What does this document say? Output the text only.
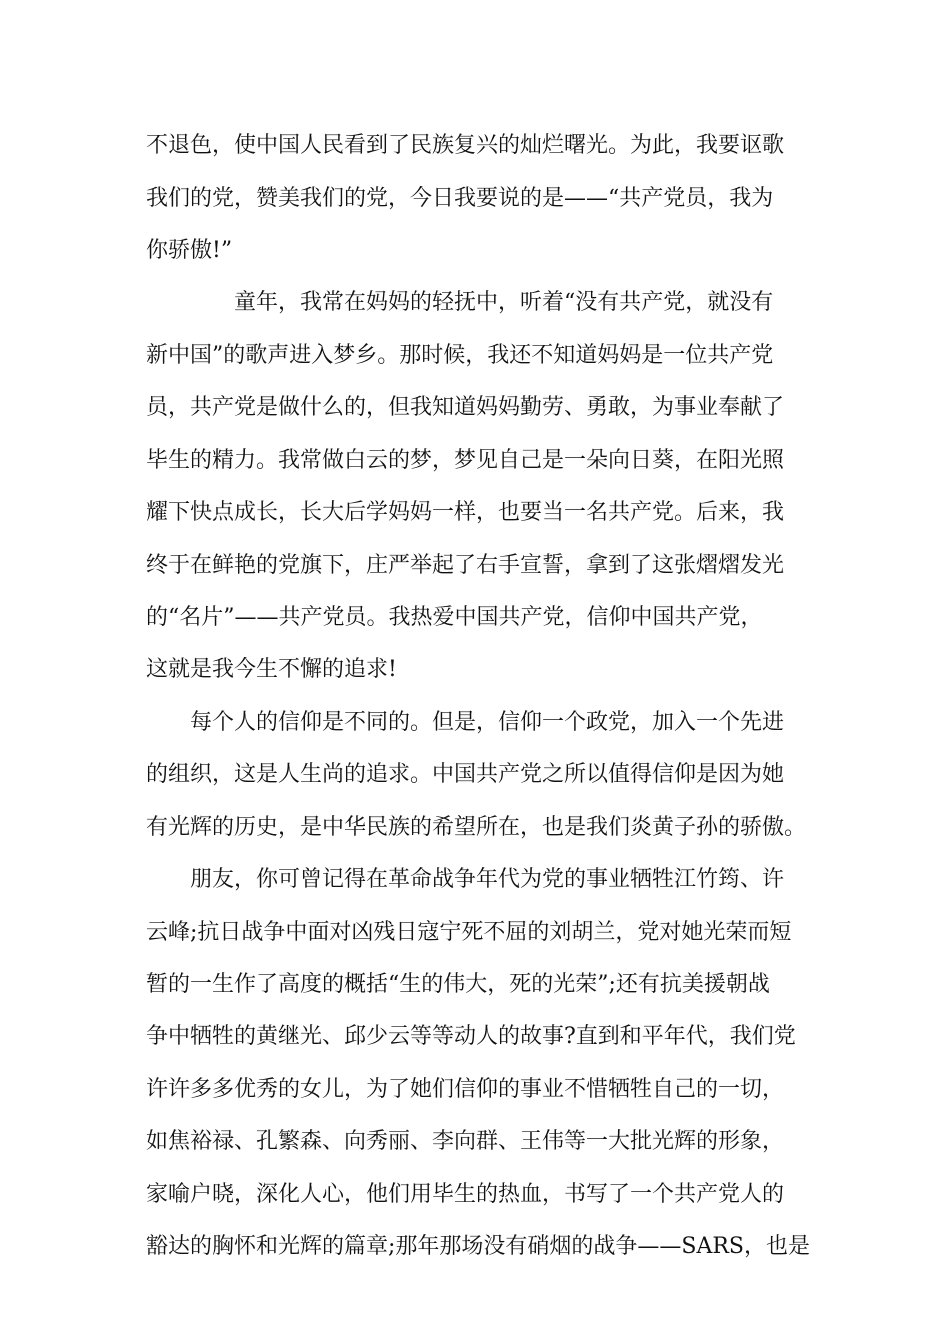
不退色，使中国人民看到了民族复兴的灿烂曙光。为此，我要讴歌
我们的党，赞美我们的党，今日我要说的是——“共产党员，我为
你骄傲!”
童年，我常在妈妈的轻抚中，听着“没有共产党，就没有
新中国”的歌声进入梦乡。那时候，我还不知道妈妈是一位共产党
员，共产党是做什么的，但我知道妈妈勤劳、勇敢，为事业奉献了
毕生的精力。我常做白云的梦，梦见自己是一朵向日葵，在阳光照
耀下快点成长，长大后学妈妈一样，也要当一名共产党。后来，我
终于在鲜艳的党旗下，庄严举起了右手宣誓，拿到了这张熠熠发光
的“名片”——共产党员。我热爱中国共产党，信仰中国共产党，
这就是我今生不懈的追求!
每个人的信仰是不同的。但是，信仰一个政党，加入一个先进
的组织，这是人生尚的追求。中国共产党之所以值得信仰是因为她
有光辉的历史，是中华民族的希望所在，也是我们炎黄子孙的骄傲。
朋友，你可曾记得在革命战争年代为党的事业牺牲江竹筠、许
云峰;抗日战争中面对凶残日寇宁死不屈的刘胡兰，党对她光荣而短
暂的一生作了高度的概括“生的伟大，死的光荣”;还有抗美援朝战
争中牺牲的黄继光、邱少云等等动人的故事?直到和平年代，我们党
许许多多优秀的女儿，为了她们信仰的事业不惜牺牲自己的一切，
如焦裕禄、孔繁森、向秀丽、李向群、王伟等一大批光辉的形象，
家喻户晓，深化人心，他们用毕生的热血，书写了一个共产党人的
豁达的胸怀和光辉的篇章;那年那场没有硝烟的战争——SARS，也是
